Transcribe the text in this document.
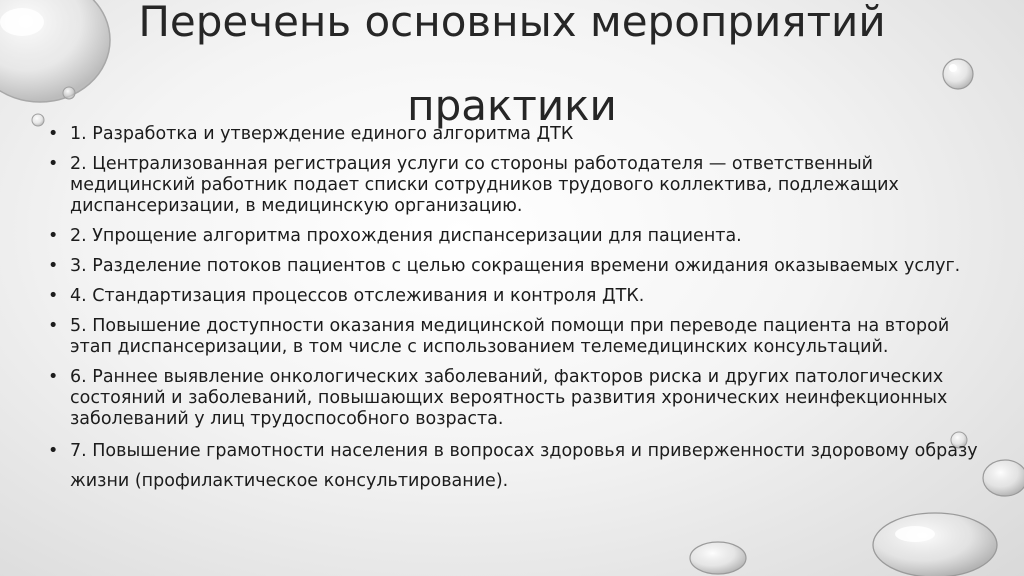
Перечень основных мероприятий
практики
• 1. Разработка и утверждение единого алгоритма ДТК
• 2. Централизованная регистрация услуги со стороны работодателя — ответственный медицинский работник подает списки сотрудников трудового коллектива, подлежащих диспансеризации, в медицинскую организацию.
• 2. Упрощение алгоритма прохождения диспансеризации для пациента.
• 3. Разделение потоков пациентов с целью сокращения времени ожидания оказываемых услуг.
• 4. Стандартизация процессов отслеживания и контроля ДТК.
• 5. Повышение доступности оказания медицинской помощи при переводе пациента на второй этап диспансеризации, в том числе с использованием телемедицинских консультаций.
• 6. Раннее выявление онкологических заболеваний, факторов риска и других патологических состояний и заболеваний, повышающих вероятность развития хронических неинфекционных заболеваний у лиц трудоспособного возраста.
• 7. Повышение грамотности населения в вопросах здоровья и приверженности здоровому образу жизни (профилактическое консультирование).
